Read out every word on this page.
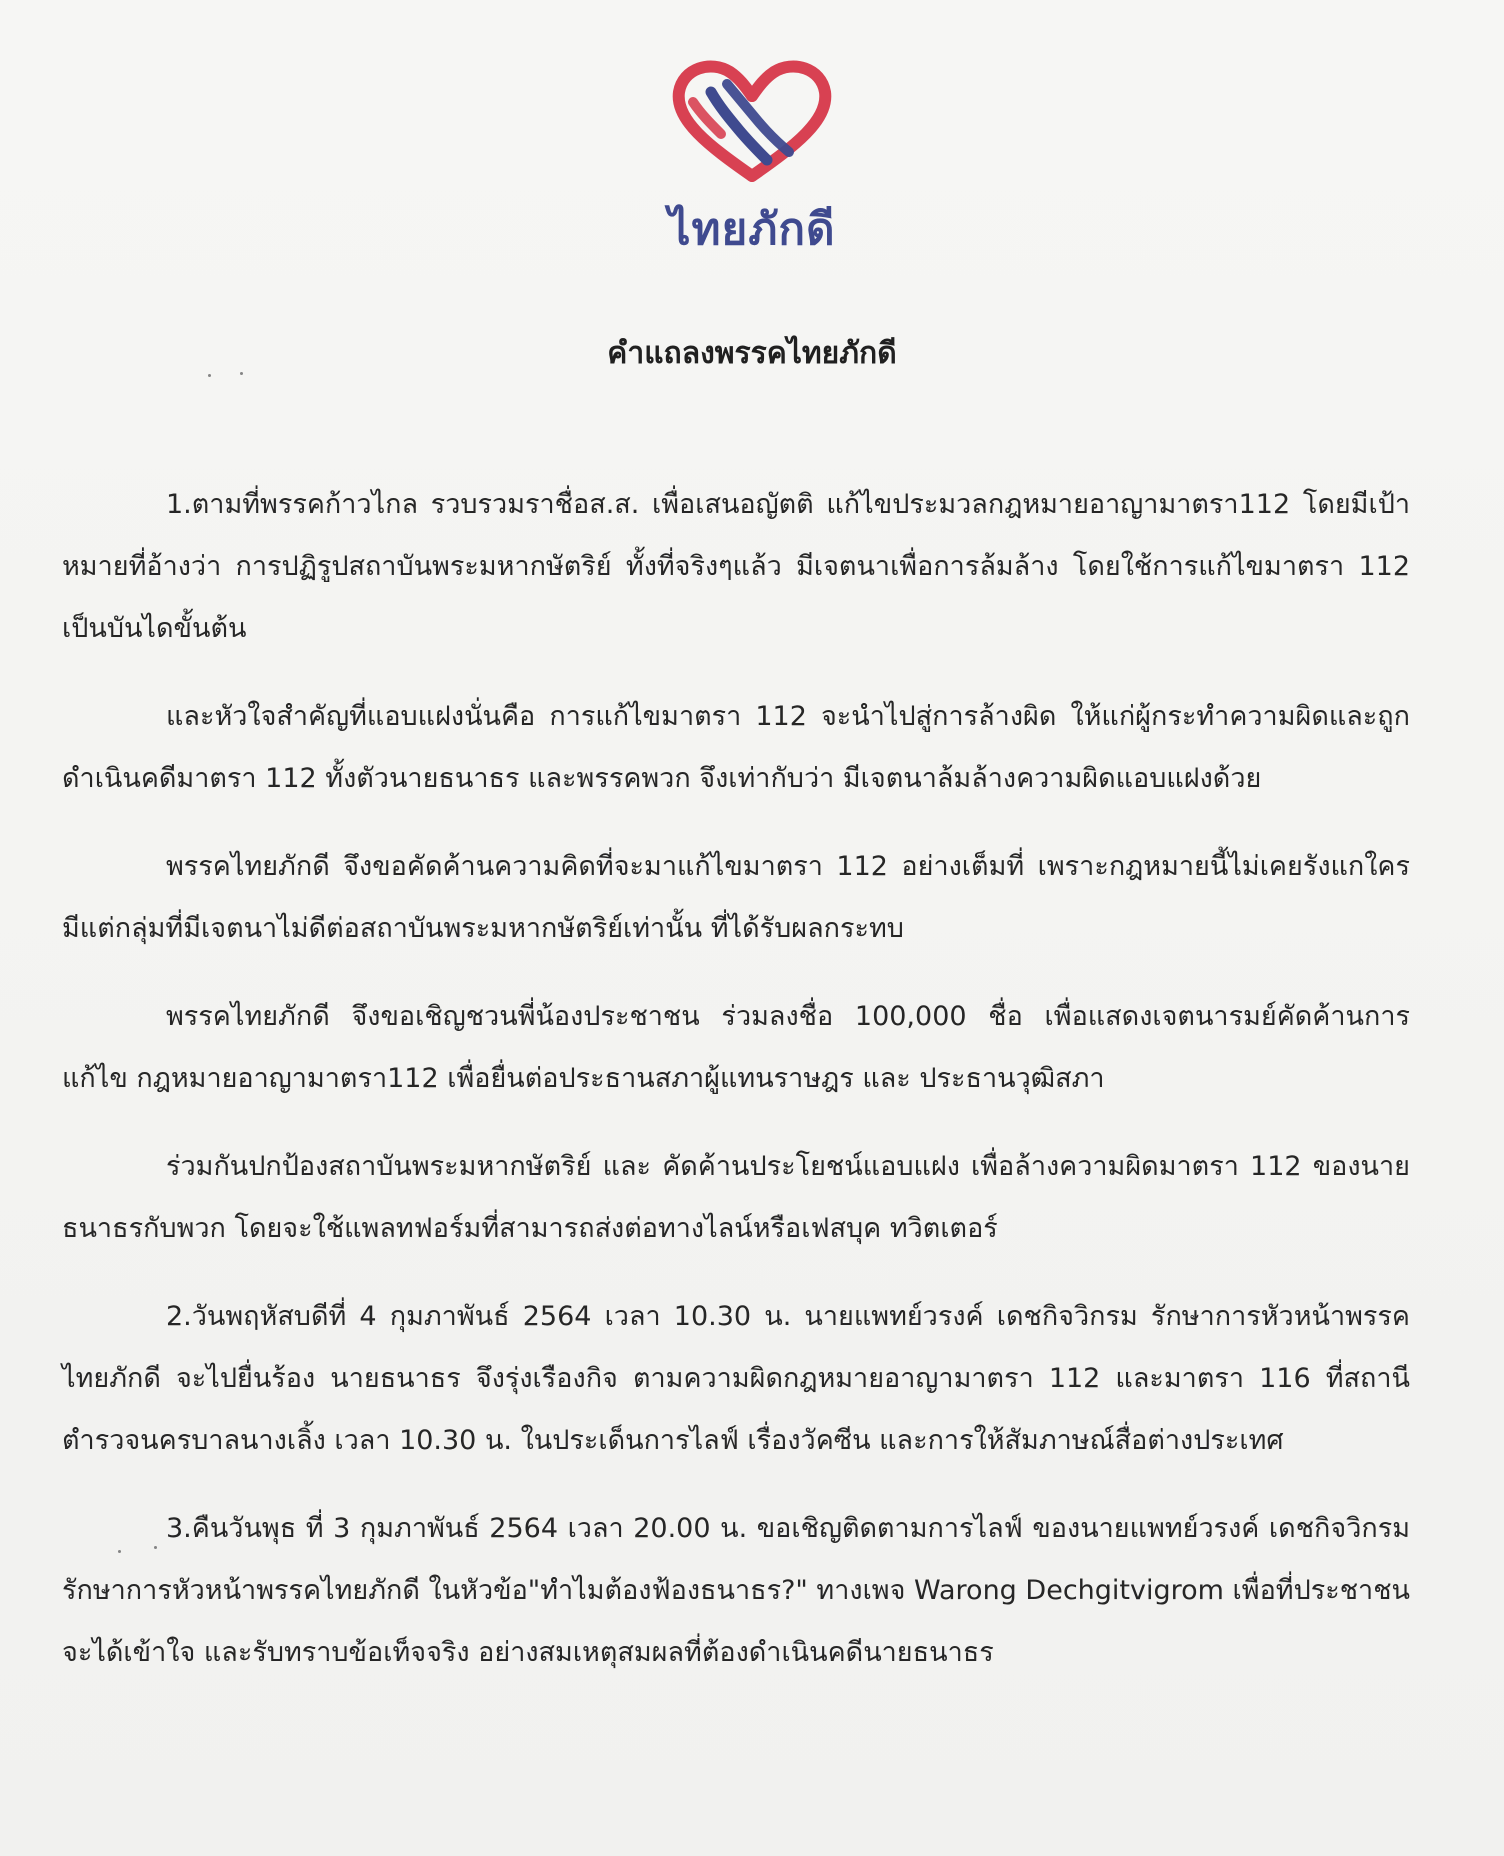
ไทยภักดี
คำแถลงพรรคไทยภักดี

1.ตามที่พรรคก้าวไกล รวบรวมราชื่อส.ส. เพื่อเสนอญัตติ แก้ไขประมวลกฎหมายอาญามาตรา112 โดยมีเป้าหมายที่อ้างว่า การปฏิรูปสถาบันพระมหากษัตริย์ ทั้งที่จริงๆแล้ว มีเจตนาเพื่อการล้มล้าง โดยใช้การแก้ไขมาตรา 112 เป็นบันไดขั้นต้น

และหัวใจสำคัญที่แอบแฝงนั่นคือ การแก้ไขมาตรา 112 จะนำไปสู่การล้างผิด ให้แก่ผู้กระทำความผิดและถูกดำเนินคดีมาตรา 112 ทั้งตัวนายธนาธร และพรรคพวก จึงเท่ากับว่า มีเจตนาล้มล้างความผิดแอบแฝงด้วย

พรรคไทยภักดี จึงขอคัดค้านความคิดที่จะมาแก้ไขมาตรา 112 อย่างเต็มที่ เพราะกฎหมายนี้ไม่เคยรังแกใคร มีแต่กลุ่มที่มีเจตนาไม่ดีต่อสถาบันพระมหากษัตริย์เท่านั้น ที่ได้รับผลกระทบ

พรรคไทยภักดี จึงขอเชิญชวนพี่น้องประชาชน ร่วมลงชื่อ 100,000 ชื่อ เพื่อแสดงเจตนารมย์คัดค้านการแก้ไข กฎหมายอาญามาตรา112 เพื่อยื่นต่อประธานสภาผู้แทนราษฎร และ ประธานวุฒิสภา

ร่วมกันปกป้องสถาบันพระมหากษัตริย์ และ คัดค้านประโยชน์แอบแฝง เพื่อล้างความผิดมาตรา 112 ของนายธนาธรกับพวก โดยจะใช้แพลทฟอร์มที่สามารถส่งต่อทางไลน์หรือเฟสบุค ทวิตเตอร์

2.วันพฤหัสบดีที่ 4 กุมภาพันธ์ 2564 เวลา 10.30 น. นายแพทย์วรงค์ เดชกิจวิกรม รักษาการหัวหน้าพรรคไทยภักดี จะไปยื่นร้อง นายธนาธร จึงรุ่งเรืองกิจ ตามความผิดกฎหมายอาญามาตรา 112 และมาตรา 116 ที่สถานีตำรวจนครบาลนางเลิ้ง เวลา 10.30 น. ในประเด็นการไลฟ์ เรื่องวัคซีน และการให้สัมภาษณ์สื่อต่างประเทศ

3.คืนวันพุธ ที่ 3 กุมภาพันธ์ 2564 เวลา 20.00 น. ขอเชิญติดตามการไลฟ์ ของนายแพทย์วรงค์ เดชกิจวิกรม รักษาการหัวหน้าพรรคไทยภักดี ในหัวข้อ"ทำไมต้องฟ้องธนาธร?" ทางเพจ Warong Dechgitvigrom เพื่อที่ประชาชน จะได้เข้าใจ และรับทราบข้อเท็จจริง อย่างสมเหตุสมผลที่ต้องดำเนินคดีนายธนาธร
